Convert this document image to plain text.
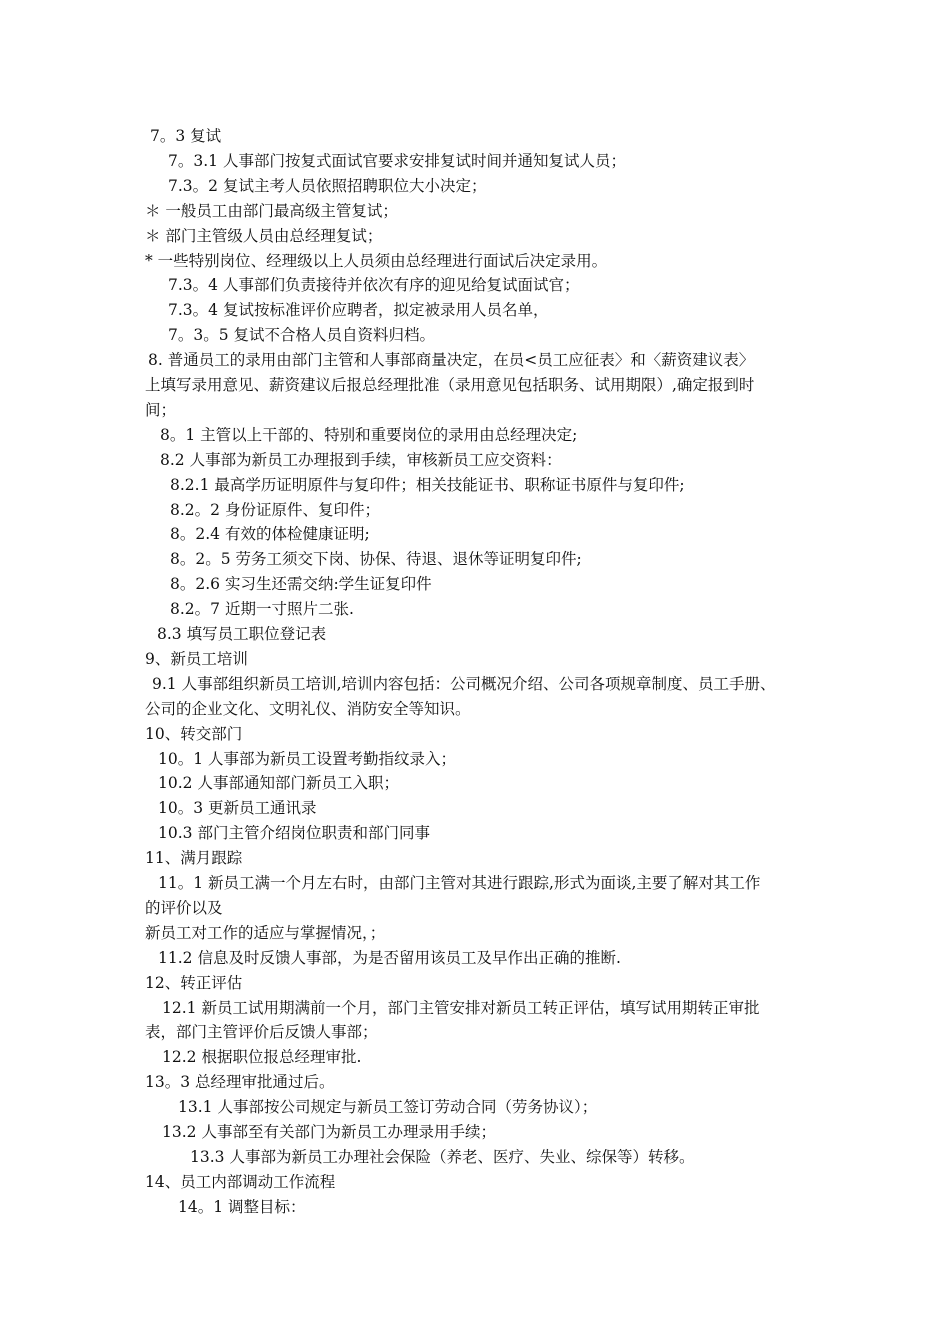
7。3 复试

7。3.1 人事部门按复式面试官要求安排复试时间并通知复试人员；

7.3。2 复试主考人员依照招聘职位大小决定；

＊ 一般员工由部门最高级主管复试；

＊ 部门主管级人员由总经理复试；

* 一些特别岗位、经理级以上人员须由总经理进行面试后决定录用。

7.3。4 人事部们负责接待并依次有序的迎见给复试面试官；

7.3。4 复试按标准评价应聘者，拟定被录用人员名单，

7。3。5 复试不合格人员自资料归档。

8. 普通员工的录用由部门主管和人事部商量决定，在员<员工应征表〉和〈薪资建议表〉

上填写录用意见、薪资建议后报总经理批准（录用意见包括职务、试用期限）,确定报到时

间；

8。1 主管以上干部的、特别和重要岗位的录用由总经理决定;

8.2 人事部为新员工办理报到手续，审核新员工应交资料：

8.2.1 最高学历证明原件与复印件；相关技能证书、职称证书原件与复印件;

8.2。2 身份证原件、复印件；

8。2.4 有效的体检健康证明;

8。2。5 劳务工须交下岗、协保、待退、退休等证明复印件;

8。2.6 实习生还需交纳:学生证复印件

8.2。7 近期一寸照片二张.

8.3 填写员工职位登记表

9、新员工培训

9.1 人事部组织新员工培训,培训内容包括：公司概况介绍、公司各项规章制度、员工手册、

公司的企业文化、文明礼仪、消防安全等知识。

10、转交部门

10。1 人事部为新员工设置考勤指纹录入；

10.2 人事部通知部门新员工入职；

10。3 更新员工通讯录

10.3 部门主管介绍岗位职责和部门同事

11、满月跟踪

11。1 新员工满一个月左右时，由部门主管对其进行跟踪,形式为面谈,主要了解对其工作

的评价以及

新员工对工作的适应与掌握情况，；

11.2 信息及时反馈人事部，为是否留用该员工及早作出正确的推断.

12、转正评估

12.1 新员工试用期满前一个月，部门主管安排对新员工转正评估，填写试用期转正审批

表，部门主管评价后反馈人事部；

12.2 根据职位报总经理审批.

13。3 总经理审批通过后。

13.1 人事部按公司规定与新员工签订劳动合同（劳务协议）；

13.2 人事部至有关部门为新员工办理录用手续；

13.3 人事部为新员工办理社会保险（养老、医疗、失业、综保等）转移。

14、员工内部调动工作流程

14。1 调整目标：
